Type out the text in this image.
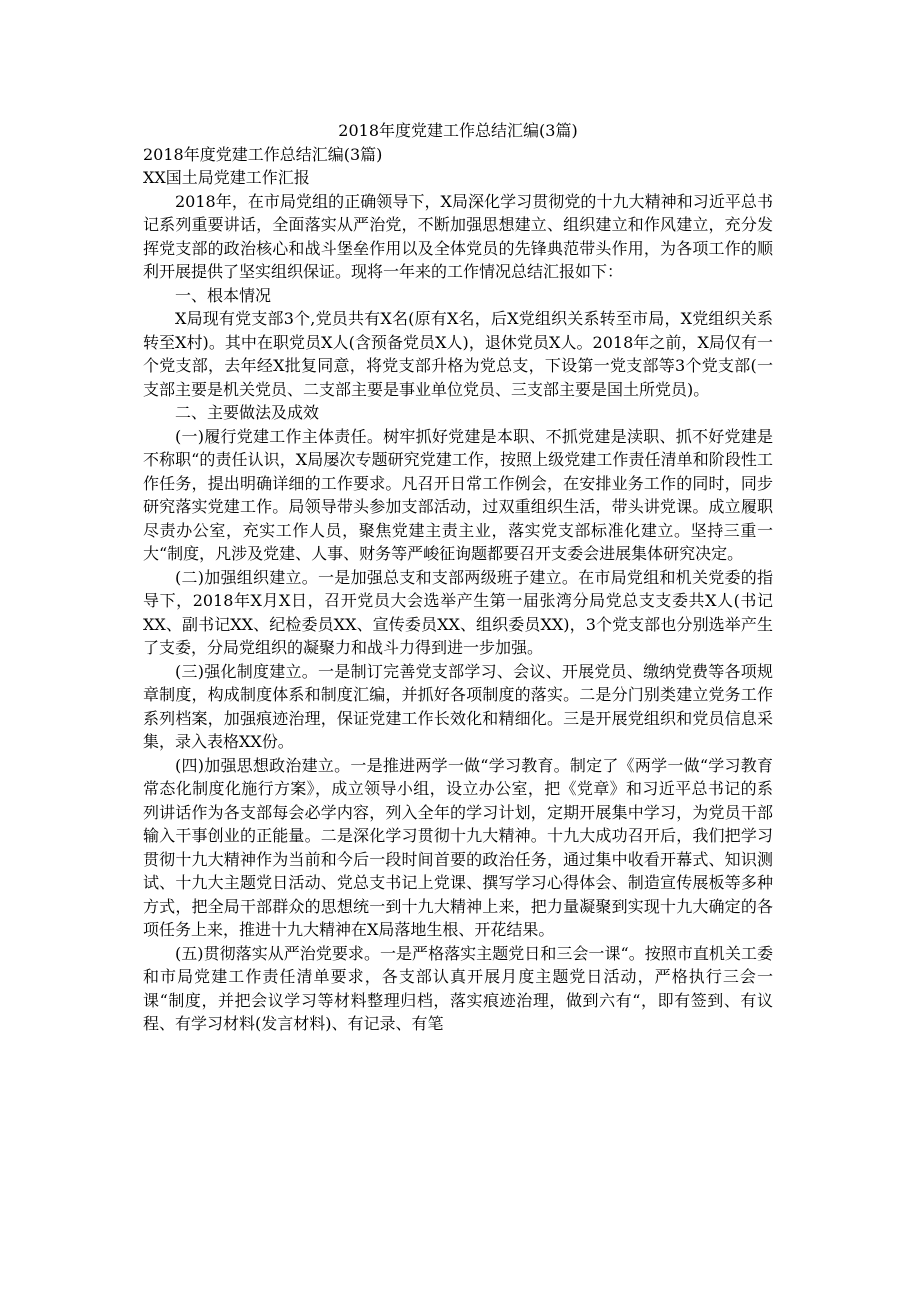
2018年度党建工作总结汇编(3篇)

2018年度党建工作总结汇编(3篇)

XX国土局党建工作汇报

2018年，在市局党组的正确领导下，X局深化学习贯彻党的十九大精神和习近平总书记系列重要讲话，全面落实从严治党，不断加强思想建立、组织建立和作风建立，充分发挥党支部的政治核心和战斗堡垒作用以及全体党员的先锋典范带头作用，为各项工作的顺利开展提供了坚实组织保证。现将一年来的工作情况总结汇报如下：

一、根本情况

X局现有党支部3个,党员共有X名(原有X名，后X党组织关系转至市局，X党组织关系转至X村)。其中在职党员X人(含预备党员X人)，退休党员X人。2018年之前，X局仅有一个党支部，去年经X批复同意，将党支部升格为党总支，下设第一党支部等3个党支部(一支部主要是机关党员、二支部主要是事业单位党员、三支部主要是国土所党员)。

二、主要做法及成效

(一)履行党建工作主体责任。树牢抓好党建是本职、不抓党建是渎职、抓不好党建是不称职“的责任认识，X局屡次专题研究党建工作，按照上级党建工作责任清单和阶段性工作任务，提出明确详细的工作要求。凡召开日常工作例会，在安排业务工作的同时，同步研究落实党建工作。局领导带头参加支部活动，过双重组织生活，带头讲党课。成立履职尽责办公室，充实工作人员，聚焦党建主责主业，落实党支部标准化建立。坚持三重一大“制度，凡涉及党建、人事、财务等严峻征询题都要召开支委会进展集体研究决定。

(二)加强组织建立。一是加强总支和支部两级班子建立。在市局党组和机关党委的指导下，2018年X月X日，召开党员大会选举产生第一届张湾分局党总支支委共X人(书记XX、副书记XX、纪检委员XX、宣传委员XX、组织委员XX)，3个党支部也分别选举产生了支委，分局党组织的凝聚力和战斗力得到进一步加强。

(三)强化制度建立。一是制订完善党支部学习、会议、开展党员、缴纳党费等各项规章制度，构成制度体系和制度汇编，并抓好各项制度的落实。二是分门别类建立党务工作系列档案，加强痕迹治理，保证党建工作长效化和精细化。三是开展党组织和党员信息采集，录入表格XX份。

(四)加强思想政治建立。一是推进两学一做“学习教育。制定了《两学一做“学习教育常态化制度化施行方案》，成立领导小组，设立办公室，把《党章》和习近平总书记的系列讲话作为各支部每会必学内容，列入全年的学习计划，定期开展集中学习，为党员干部输入干事创业的正能量。二是深化学习贯彻十九大精神。十九大成功召开后，我们把学习贯彻十九大精神作为当前和今后一段时间首要的政治任务，通过集中收看开幕式、知识测试、十九大主题党日活动、党总支书记上党课、撰写学习心得体会、制造宣传展板等多种方式，把全局干部群众的思想统一到十九大精神上来，把力量凝聚到实现十九大确定的各项任务上来，推进十九大精神在X局落地生根、开花结果。

(五)贯彻落实从严治党要求。一是严格落实主题党日和三会一课“。按照市直机关工委和市局党建工作责任清单要求，各支部认真开展月度主题党日活动，严格执行三会一课“制度，并把会议学习等材料整理归档，落实痕迹治理，做到六有“，即有签到、有议程、有学习材料(发言材料)、有记录、有笔
